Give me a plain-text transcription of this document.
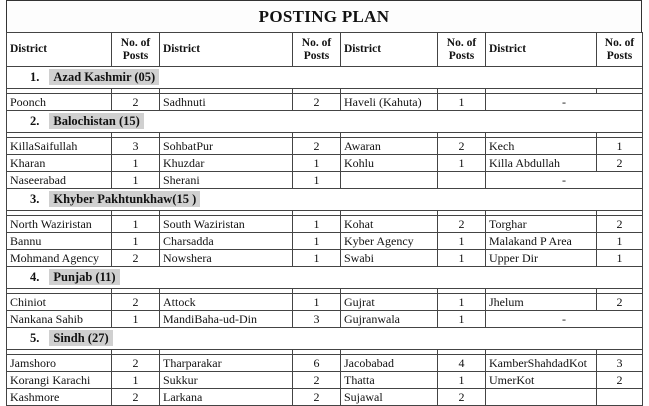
POSTING PLAN
District	No. of Posts	District	No. of Posts	District	No. of Posts	District	No. of Posts
1. Azad Kashmir (05)							

Poonch	2	Sadhnuti	2	Haveli (Kahuta)	1	-	
2. Balochistan (15)							

KillaSaifullah	3	SohbatPur	2	Awaran	2	Kech	1
Kharan	1	Khuzdar	1	Kohlu	1	Killa Abdullah	2
Naseerabad	1	Sherani	1			-	
3. Khyber Pakhtunkhaw(15 )							

North Waziristan	1	South Waziristan	1	Kohat	2	Torghar	2
Bannu	1	Charsadda	1	Kyber Agency	1	Malakand P Area	1
Mohmand Agency	2	Nowshera	1	Swabi	1	Upper Dir	1
4. Punjab (11)							

Chiniot	2	Attock	1	Gujrat	1	Jhelum	2
Nankana Sahib	1	MandiBaha-ud-Din	3	Gujranwala	1	-	
5. Sindh (27)							

Jamshoro	2	Tharparakar	6	Jacobabad	4	KamberShahdadKot	3
Korangi Karachi	1	Sukkur	2	Thatta	1	UmerKot	2
Kashmore	2	Larkana	2	Sujawal	2		
